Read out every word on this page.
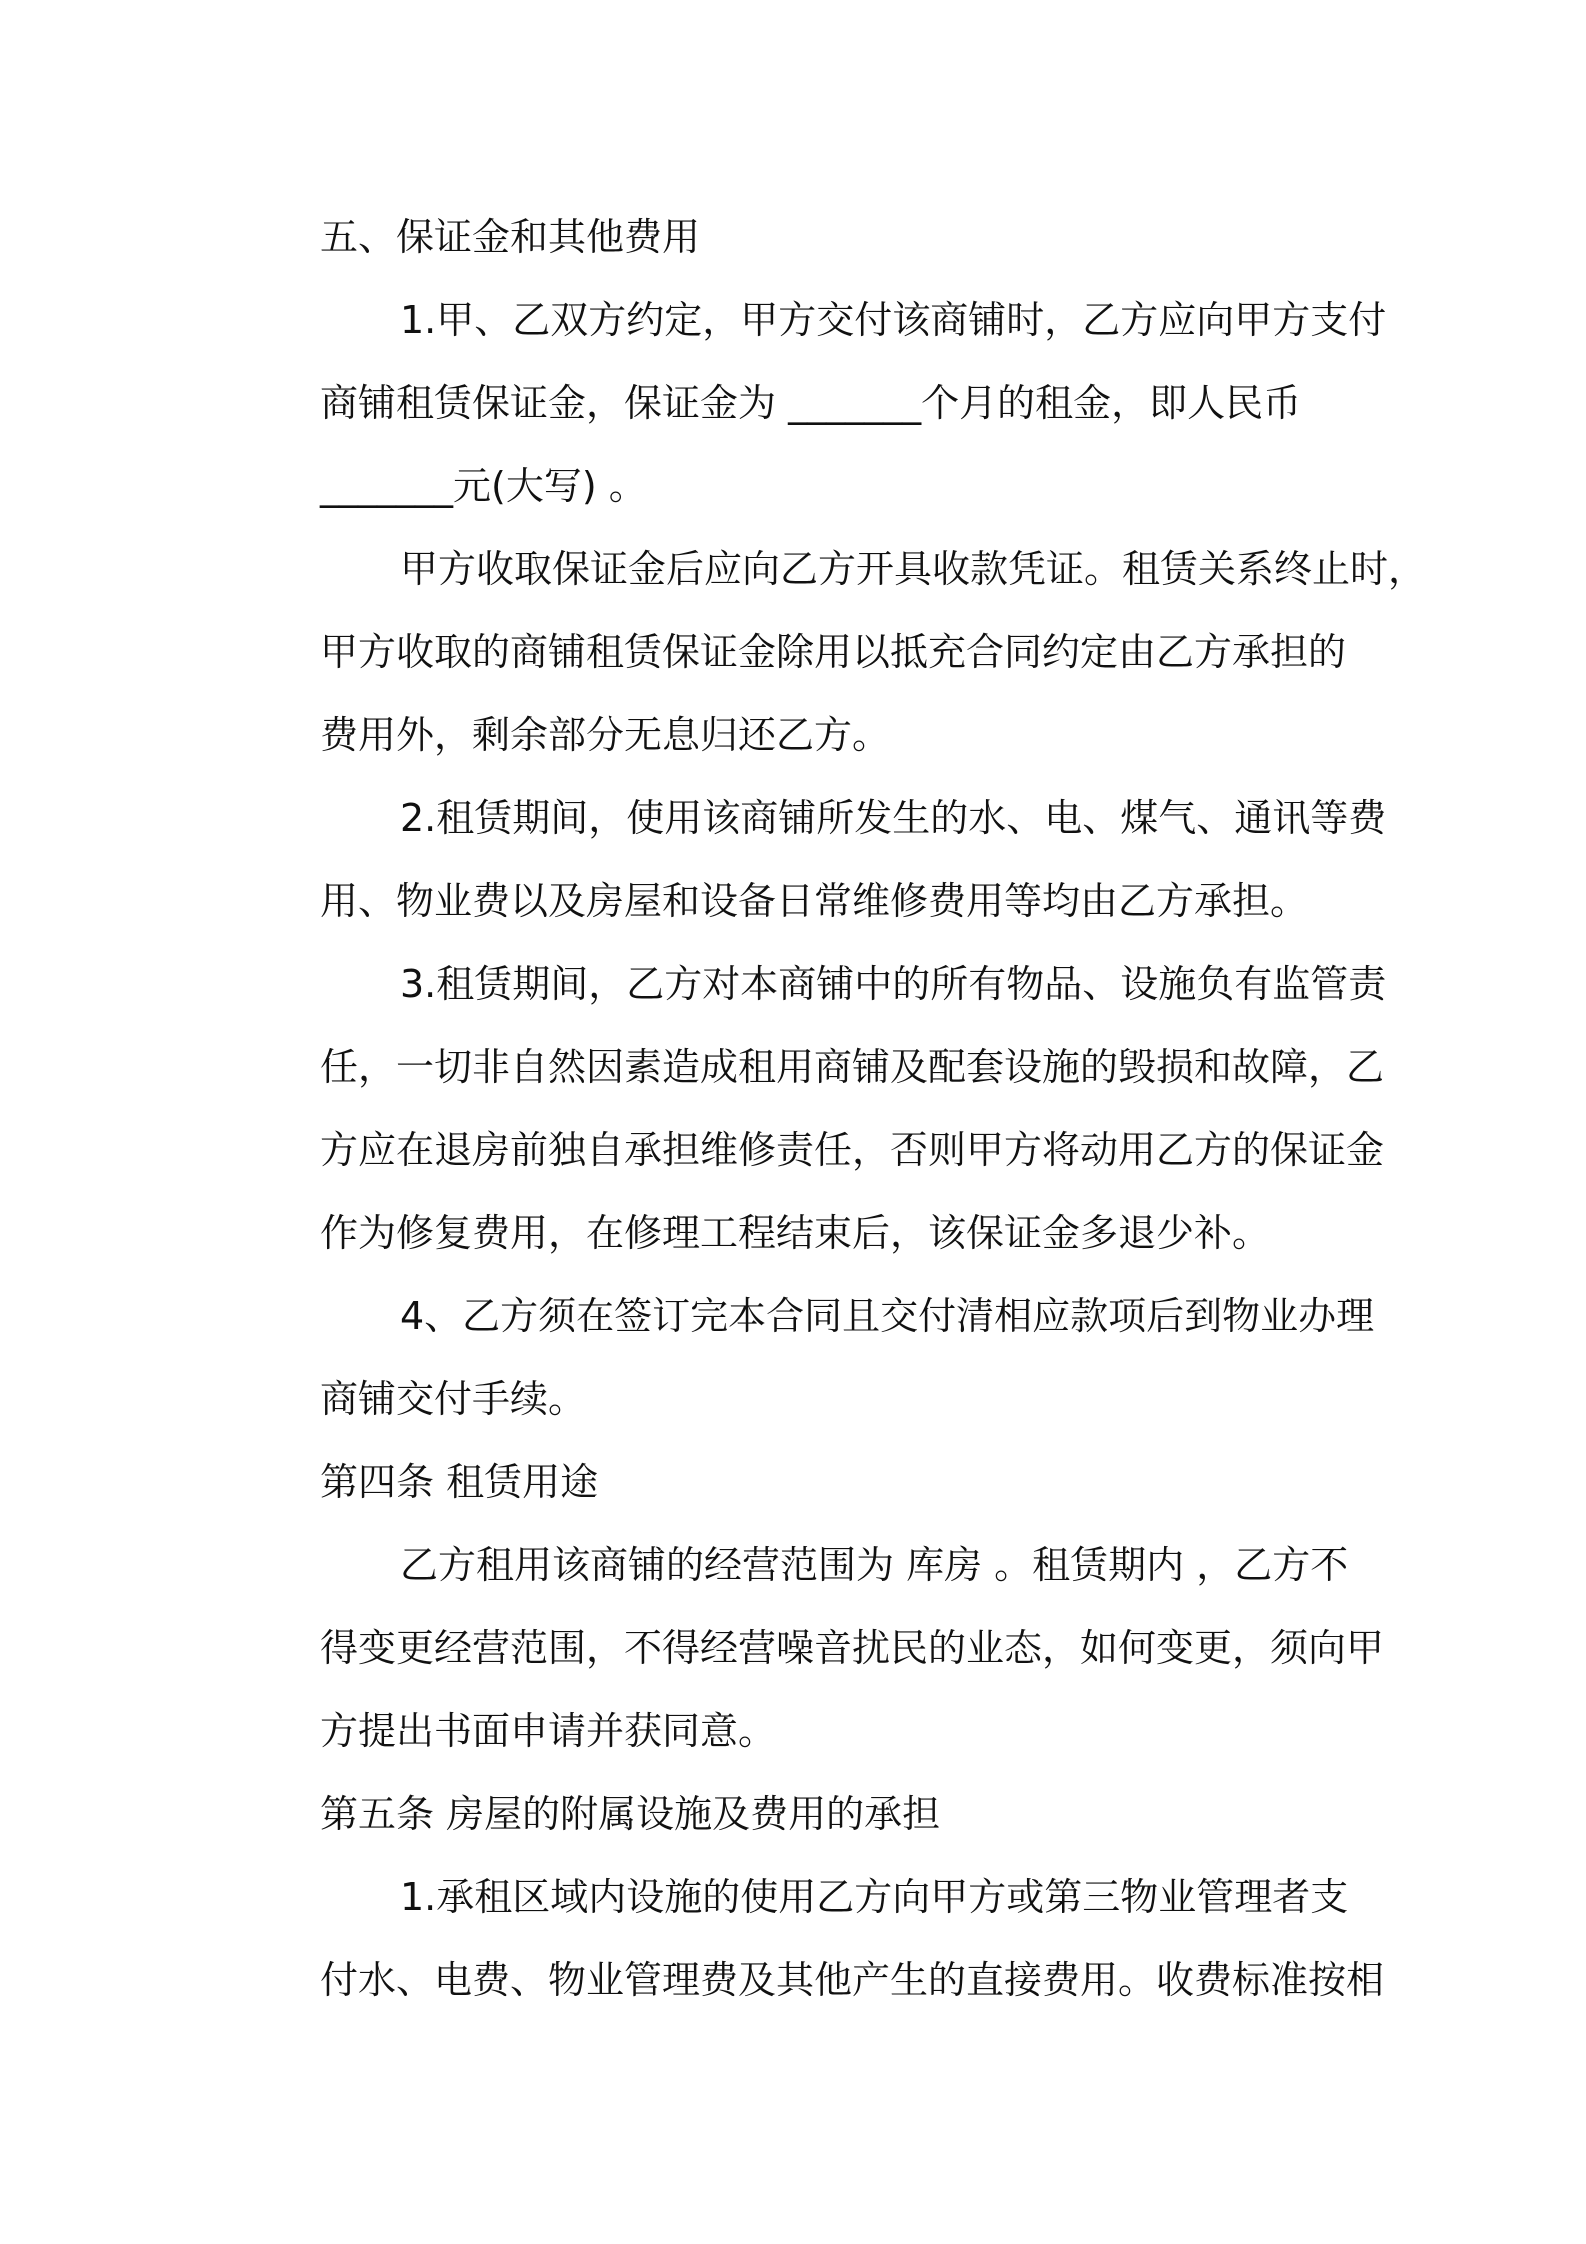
五、保证金和其他费用

1.甲、乙双方约定，甲方交付该商铺时，乙方应向甲方支付
商铺租赁保证金，保证金为 _______个月的租金，即人民币
_______元(大写) 。
甲方收取保证金后应向乙方开具收款凭证。租赁关系终止时，
甲方收取的商铺租赁保证金除用以抵充合同约定由乙方承担的
费用外，剩余部分无息归还乙方。
2.租赁期间，使用该商铺所发生的水、电、煤气、通讯等费
用、物业费以及房屋和设备日常维修费用等均由乙方承担。
3.租赁期间，乙方对本商铺中的所有物品、设施负有监管责
任，一切非自然因素造成租用商铺及配套设施的毁损和故障，乙
方应在退房前独自承担维修责任，否则甲方将动用乙方的保证金
作为修复费用，在修理工程结束后，该保证金多退少补。
4、乙方须在签订完本合同且交付清相应款项后到物业办理
商铺交付手续。

第四条 租赁用途

乙方租用该商铺的经营范围为 库房 。租赁期内 ，乙方不
得变更经营范围，不得经营噪音扰民的业态，如何变更，须向甲
方提出书面申请并获同意。

第五条 房屋的附属设施及费用的承担

1.承租区域内设施的使用乙方向甲方或第三物业管理者支
付水、电费、物业管理费及其他产生的直接费用。收费标准按相
